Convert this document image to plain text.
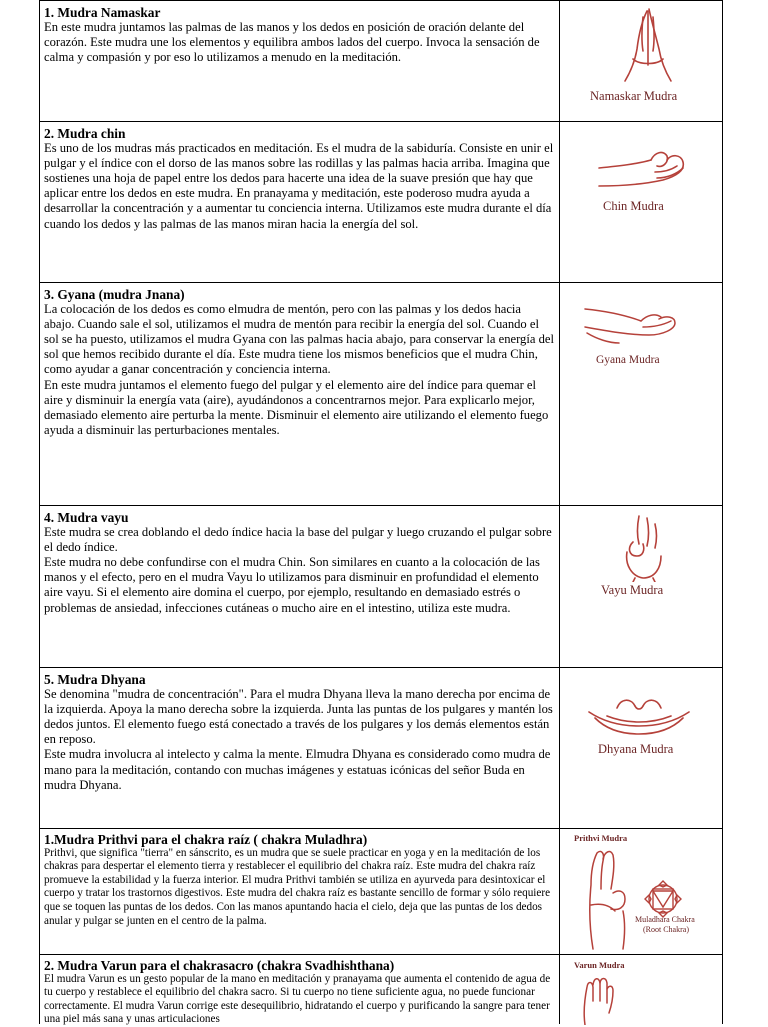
1. Mudra Namaskar

En este mudra juntamos las palmas de las manos y los dedos en posición de oración delante del corazón. Este mudra une los elementos y equilibra ambos lados del cuerpo. Invoca la sensación de calma y compasión y por eso lo utilizamos a menudo en la meditación.

Namaskar Mudra
2. Mudra chin

Es uno de los mudras más practicados en meditación. Es el mudra de la sabiduría. Consiste en unir el pulgar y el índice con el dorso de las manos sobre las rodillas y las palmas hacia arriba. Imagina que sostienes una hoja de papel entre los dedos para hacerte una idea de la suave presión que hay que aplicar entre los dedos en este mudra. En pranayama y meditación, este poderoso mudra ayuda a desarrollar la concentración y a aumentar tu conciencia interna. Utilizamos este mudra durante el día cuando los dedos y las palmas de las manos miran hacia la energía del sol.

Chin Mudra
3. Gyana (mudra Jnana)

La colocación de los dedos es como elmudra de mentón, pero con las palmas y los dedos hacia abajo. Cuando sale el sol, utilizamos el mudra de mentón para recibir la energía del sol. Cuando el sol se ha puesto, utilizamos el mudra Gyana con las palmas hacia abajo, para conservar la energía del sol que hemos recibido durante el día. Este mudra tiene los mismos beneficios que el mudra Chin, como ayudar a ganar concentración y conciencia interna.

En este mudra juntamos el elemento fuego del pulgar y el elemento aire del índice para quemar el aire y disminuir la energía vata (aire), ayudándonos a concentrarnos mejor. Para explicarlo mejor, demasiado elemento aire perturba la mente. Disminuir el elemento aire utilizando el elemento fuego ayuda a disminuir las perturbaciones mentales.

Gyana Mudra
4. Mudra vayu

Este mudra se crea doblando el dedo índice hacia la base del pulgar y luego cruzando el pulgar sobre el dedo índice.

Este mudra no debe confundirse con el mudra Chin. Son similares en cuanto a la colocación de las manos y el efecto, pero en el mudra Vayu lo utilizamos para disminuir en profundidad el elemento aire vayu. Si el elemento aire domina el cuerpo, por ejemplo, resultando en demasiado estrés o problemas de ansiedad, infecciones cutáneas o mucho aire en el intestino, utiliza este mudra.

Vayu Mudra
5. Mudra Dhyana

Se denomina "mudra de concentración". Para el mudra Dhyana lleva la mano derecha por encima de la izquierda. Apoya la mano derecha sobre la izquierda. Junta las puntas de los pulgares y mantén los dedos juntos. El elemento fuego está conectado a través de los pulgares y los demás elementos están en reposo.

Este mudra involucra al intelecto y calma la mente. Elmudra Dhyana es considerado como mudra de mano para la meditación, contando con muchas imágenes y estatuas icónicas del señor Buda en mudra Dhyana.

Dhyana Mudra
1.Mudra Prithvi para el chakra raíz ( chakra Muladhra)

Prithvi, que significa "tierra" en sánscrito, es un mudra que se suele practicar en yoga y en la meditación de los chakras para despertar el elemento tierra y restablecer el equilibrio del chakra raíz. Este mudra del chakra raíz promueve la estabilidad y la fuerza interior. El mudra Prithvi también se utiliza en ayurveda para desintoxicar el cuerpo y tratar los trastornos digestivos. Este mudra del chakra raíz es bastante sencillo de formar y sólo requiere que se toquen las puntas de los dedos. Con las manos apuntando hacia el cielo, deja que las puntas de los dedos anular y pulgar se junten en el centro de la palma.

Prithvi Mudra
Muladhara Chakra
(Root Chakra)
2. Mudra Varun para el chakrasacro (chakra Svadhishthana)

El mudra Varun es un gesto popular de la mano en meditación y pranayama que aumenta el contenido de agua de tu cuerpo y restablece el equilibrio del chakra sacro. Si tu cuerpo no tiene suficiente agua, no puede funcionar correctamente. El mudra Varun corrige este desequilibrio, hidratando el cuerpo y purificando la sangre para tener una piel más sana y unas articulaciones

Varun Mudra
